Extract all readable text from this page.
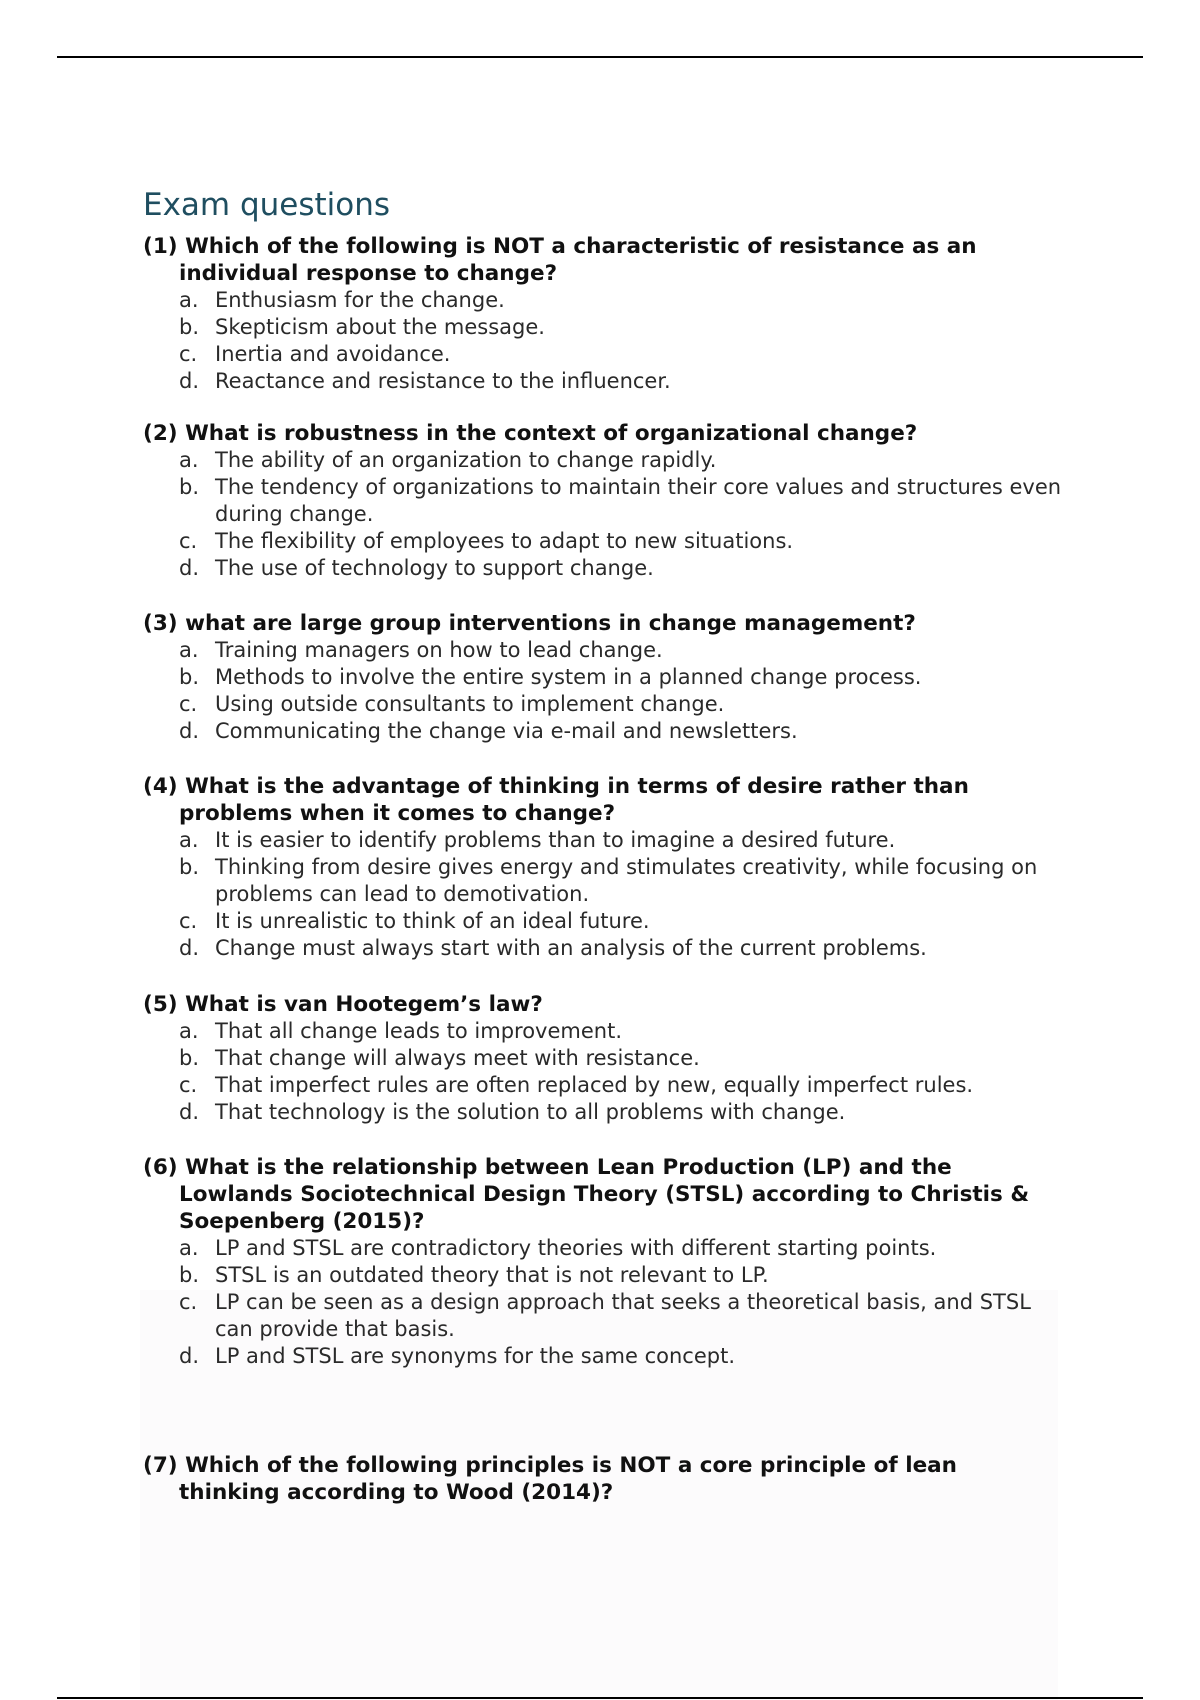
Exam questions

(1) Which of the following is NOT a characteristic of resistance as an individual response to change?

a. Enthusiasm for the change.
b. Skepticism about the message.
c. Inertia and avoidance.
d. Reactance and resistance to the influencer.

(2) What is robustness in the context of organizational change?

a. The ability of an organization to change rapidly.
b. The tendency of organizations to maintain their core values and structures even during change.
c. The flexibility of employees to adapt to new situations.
d. The use of technology to support change.

(3) what are large group interventions in change management?

a. Training managers on how to lead change.
b. Methods to involve the entire system in a planned change process.
c. Using outside consultants to implement change.
d. Communicating the change via e-mail and newsletters.

(4) What is the advantage of thinking in terms of desire rather than problems when it comes to change?

a. It is easier to identify problems than to imagine a desired future.
b. Thinking from desire gives energy and stimulates creativity, while focusing on problems can lead to demotivation.
c. It is unrealistic to think of an ideal future.
d. Change must always start with an analysis of the current problems.

(5) What is van Hootegem’s law?

a. That all change leads to improvement.
b. That change will always meet with resistance.
c. That imperfect rules are often replaced by new, equally imperfect rules.
d. That technology is the solution to all problems with change.

(6) What is the relationship between Lean Production (LP) and the Lowlands Sociotechnical Design Theory (STSL) according to Christis & Soepenberg (2015)?

a. LP and STSL are contradictory theories with different starting points.
b. STSL is an outdated theory that is not relevant to LP.
c. LP can be seen as a design approach that seeks a theoretical basis, and STSL can provide that basis.
d. LP and STSL are synonyms for the same concept.

(7) Which of the following principles is NOT a core principle of lean thinking according to Wood (2014)?
